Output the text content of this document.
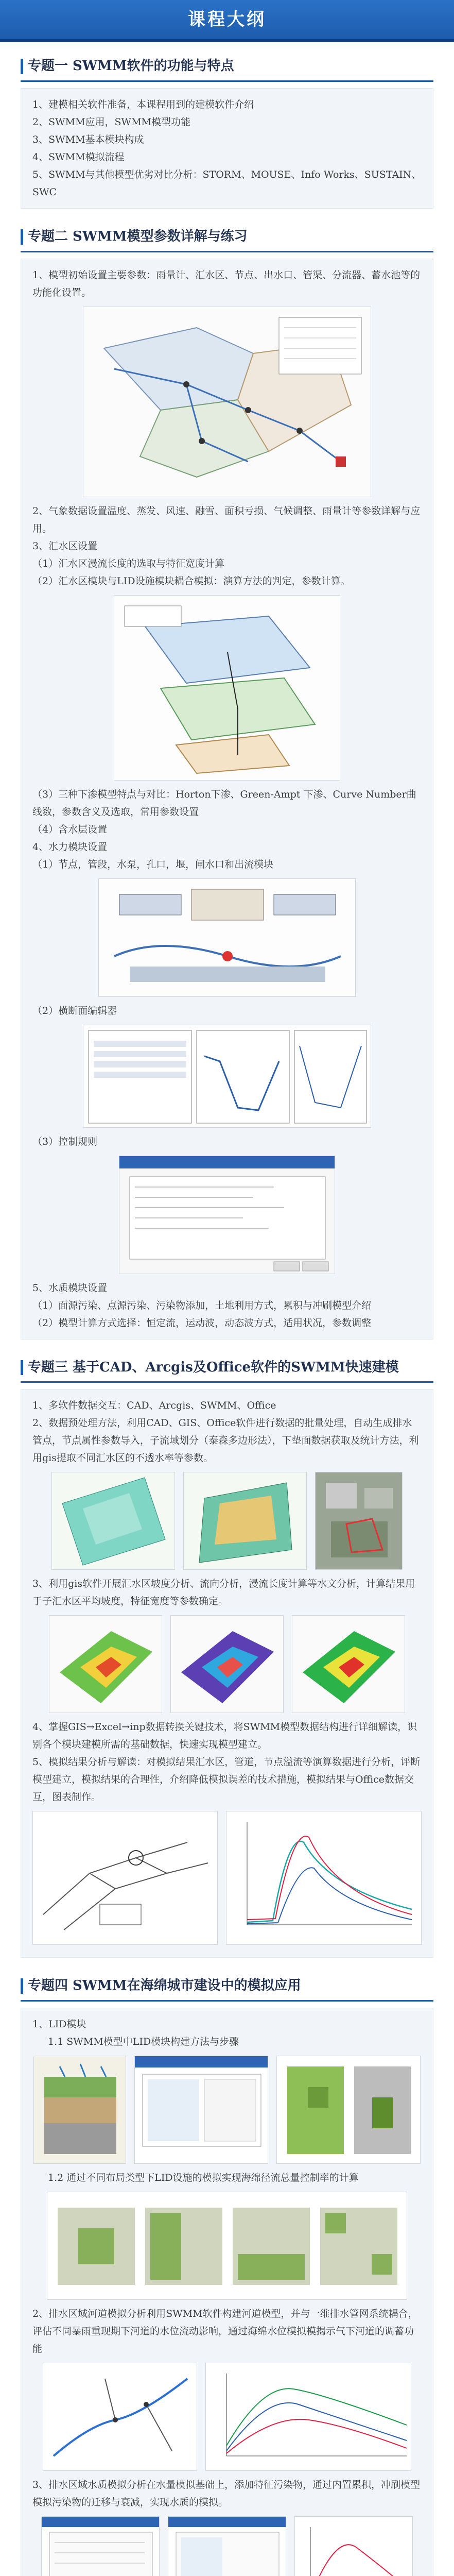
课程大纲
专题一 SWMM软件的功能与特点

1、建模相关软件准备，本课程用到的建模软件介绍

2、SWMM应用，SWMM模型功能

3、SWMM基本模块构成

4、SWMM模拟流程

5、SWMM与其他模型优劣对比分析：STORM、MOUSE、Info Works、SUSTAIN、SWC

专题二 SWMM模型参数详解与练习

1、模型初始设置主要参数：雨量计、汇水区、节点、出水口、管渠、分流器、蓄水池等的功能化设置。

2、气象数据设置温度、蒸发、风速、融雪、面积亏损、气候调整、雨量计等参数详解与应用。

3、汇水区设置

（1）汇水区漫流长度的选取与特征宽度计算

（2）汇水区模块与LID设施模块耦合模拟：演算方法的判定，参数计算。

（3）三种下渗模型特点与对比：Horton下渗、Green-Ampt 下渗、Curve Number曲线数，参数含义及选取，常用参数设置

（4）含水层设置

4、水力模块设置

（1）节点，管段，水泵，孔口，堰，闸水口和出流模块

（2）横断面编辑器

（3）控制规则

5、水质模块设置

（1）面源污染、点源污染、污染物添加，土地利用方式，累积与冲刷模型介绍

（2）模型计算方式选择：恒定流，运动波，动态波方式，适用状况，参数调整

专题三 基于CAD、Arcgis及Office软件的SWMM快速建模

1、多软件数据交互：CAD、Arcgis、SWMM、Office

2、数据预处理方法，利用CAD、GIS、Office软件进行数据的批量处理，自动生成排水管点，节点属性参数导入，子流域划分（泰森多边形法），下垫面数据获取及统计方法，利用gis提取不同汇水区的不透水率等参数。

3、利用gis软件开展汇水区坡度分析、流向分析，漫流长度计算等水文分析，计算结果用于子汇水区平均坡度，特征宽度等参数确定。

4、掌握GIS→Excel→inp数据转换关键技术，将SWMM模型数据结构进行详细解读，识别各个模块建模所需的基础数据，快速实现模型建立。

5、模拟结果分析与解读：对模拟结果汇水区，管道，节点溢流等演算数据进行分析，评断模型建立，模拟结果的合理性，介绍降低模拟误差的技术措施，模拟结果与Office数据交互，图表制作。

专题四 SWMM在海绵城市建设中的模拟应用

1、LID模块

1.1 SWMM模型中LID模块构建方法与步骤

1.2 通过不同布局类型下LID设施的模拟实现海绵径流总量控制率的计算

2、排水区域河道模拟分析利用SWMM软件构建河道模型，并与一维排水管网系统耦合，评估不同暴雨重现期下河道的水位流动影响，通过海绵水位模拟模揭示气下河道的调蓄功能

3、排水区域水质模拟分析在水量模拟基础上，添加特征污染物，通过内置累积，冲刷模型模拟污染物的迁移与衰减，实现水质的模拟。
